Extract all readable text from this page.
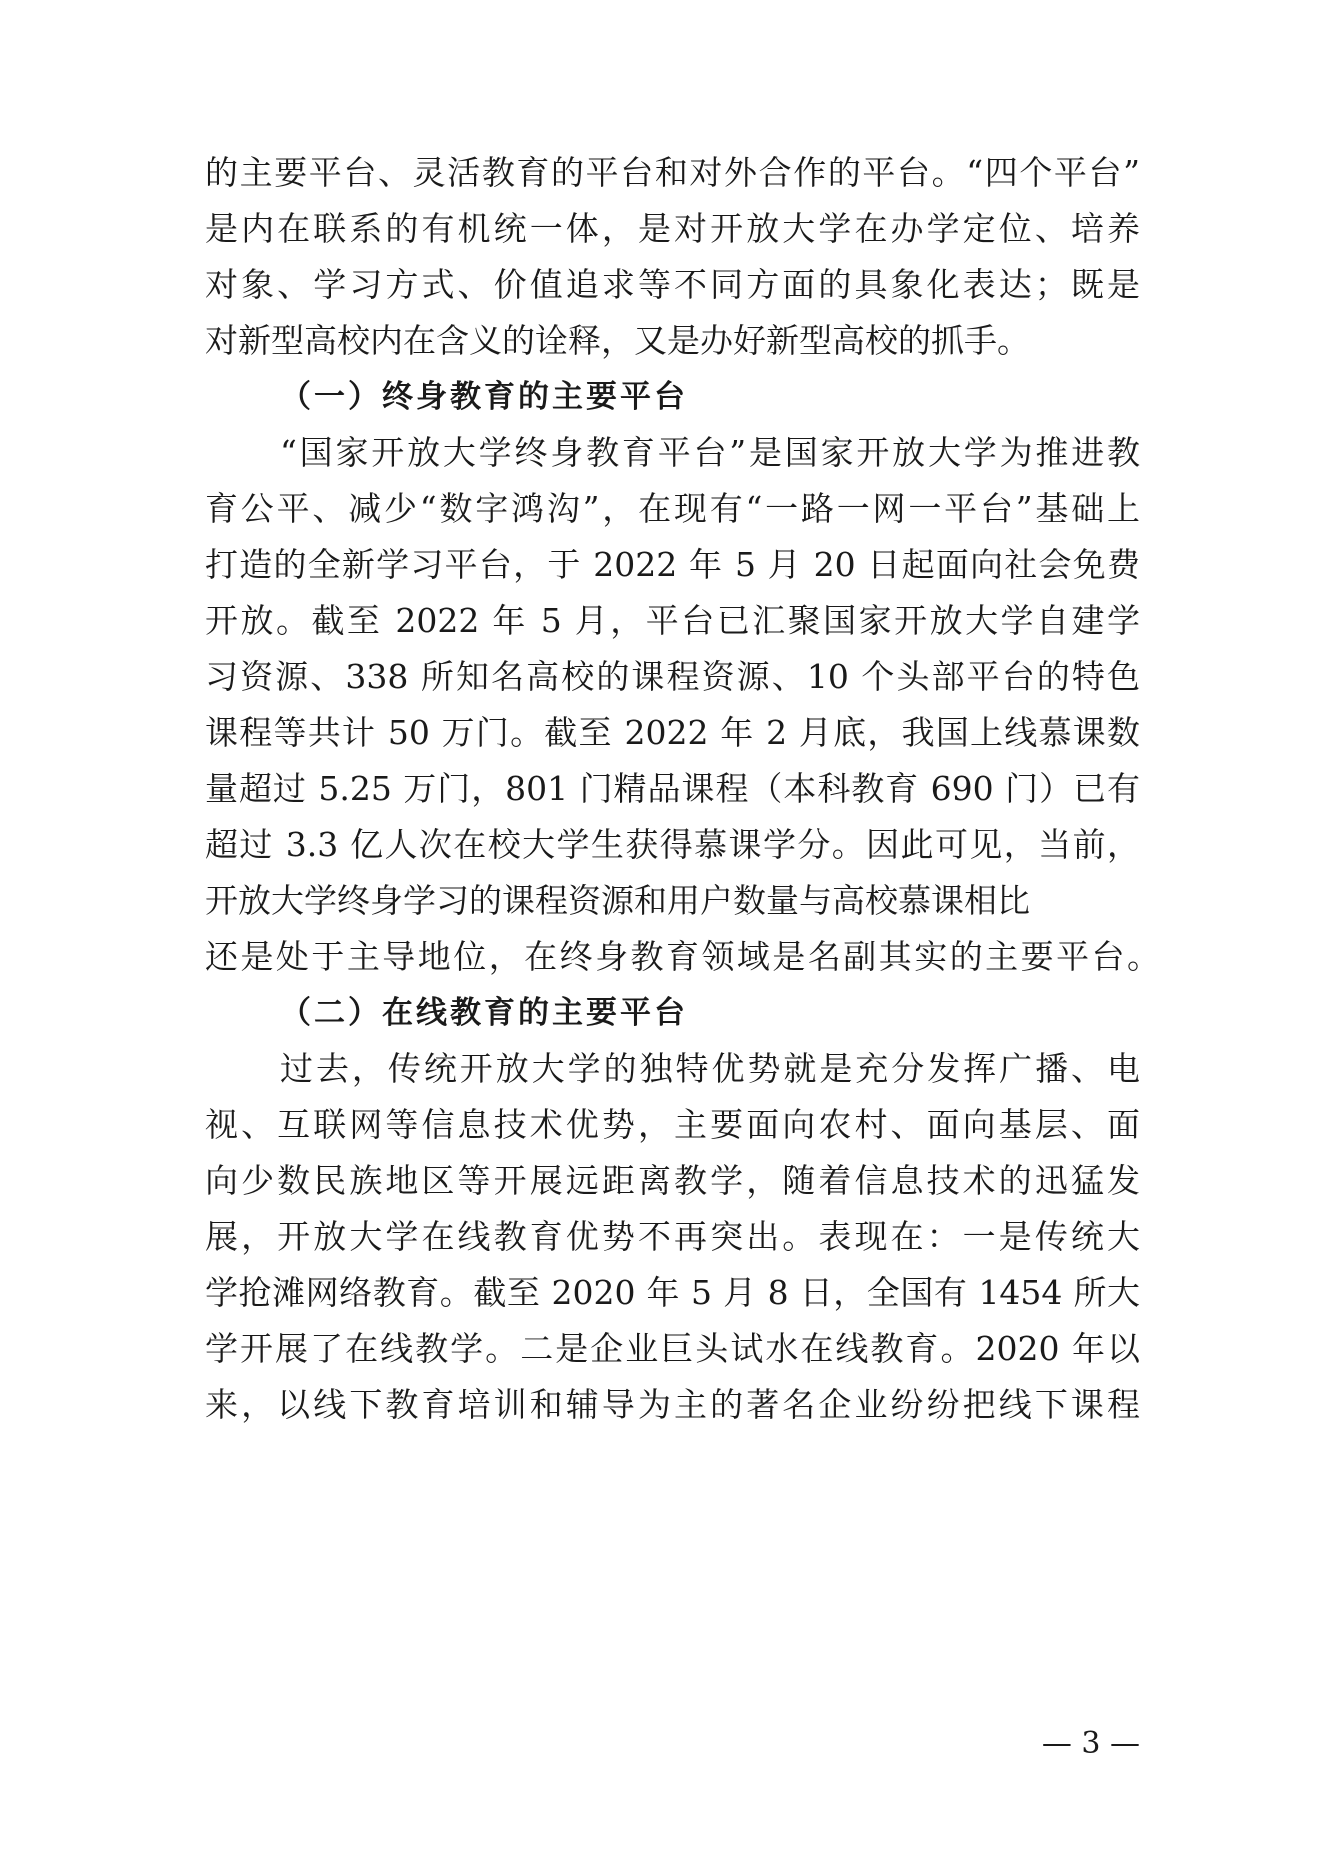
的主要平台、灵活教育的平台和对外合作的平台。“四个平台”
是内在联系的有机统一体，是对开放大学在办学定位、培养
对象、学习方式、价值追求等不同方面的具象化表达；既是
对新型高校内在含义的诠释，又是办好新型高校的抓手。
（一）终身教育的主要平台
“国家开放大学终身教育平台”是国家开放大学为推进教
育公平、减少“数字鸿沟”，在现有“一路一网一平台”基础上
打造的全新学习平台，于 2022 年 5 月 20 日起面向社会免费
开放。截至 2022 年 5 月，平台已汇聚国家开放大学自建学
习资源、338 所知名高校的课程资源、10 个头部平台的特色
课程等共计 50 万门。截至 2022 年 2 月底，我国上线慕课数
量超过 5.25 万门，801 门精品课程（本科教育 690 门）已有
超过 3.3 亿人次在校大学生获得慕课学分。因此可见，当前，
开放大学终身学习的课程资源和用户数量与高校慕课相比
还是处于主导地位，在终身教育领域是名副其实的主要平台。
（二）在线教育的主要平台
过去，传统开放大学的独特优势就是充分发挥广播、电
视、互联网等信息技术优势，主要面向农村、面向基层、面
向少数民族地区等开展远距离教学，随着信息技术的迅猛发
展，开放大学在线教育优势不再突出。表现在：一是传统大
学抢滩网络教育。截至 2020 年 5 月 8 日，全国有 1454 所大
学开展了在线教学。二是企业巨头试水在线教育。2020 年以
来，以线下教育培训和辅导为主的著名企业纷纷把线下课程
— 3 —
